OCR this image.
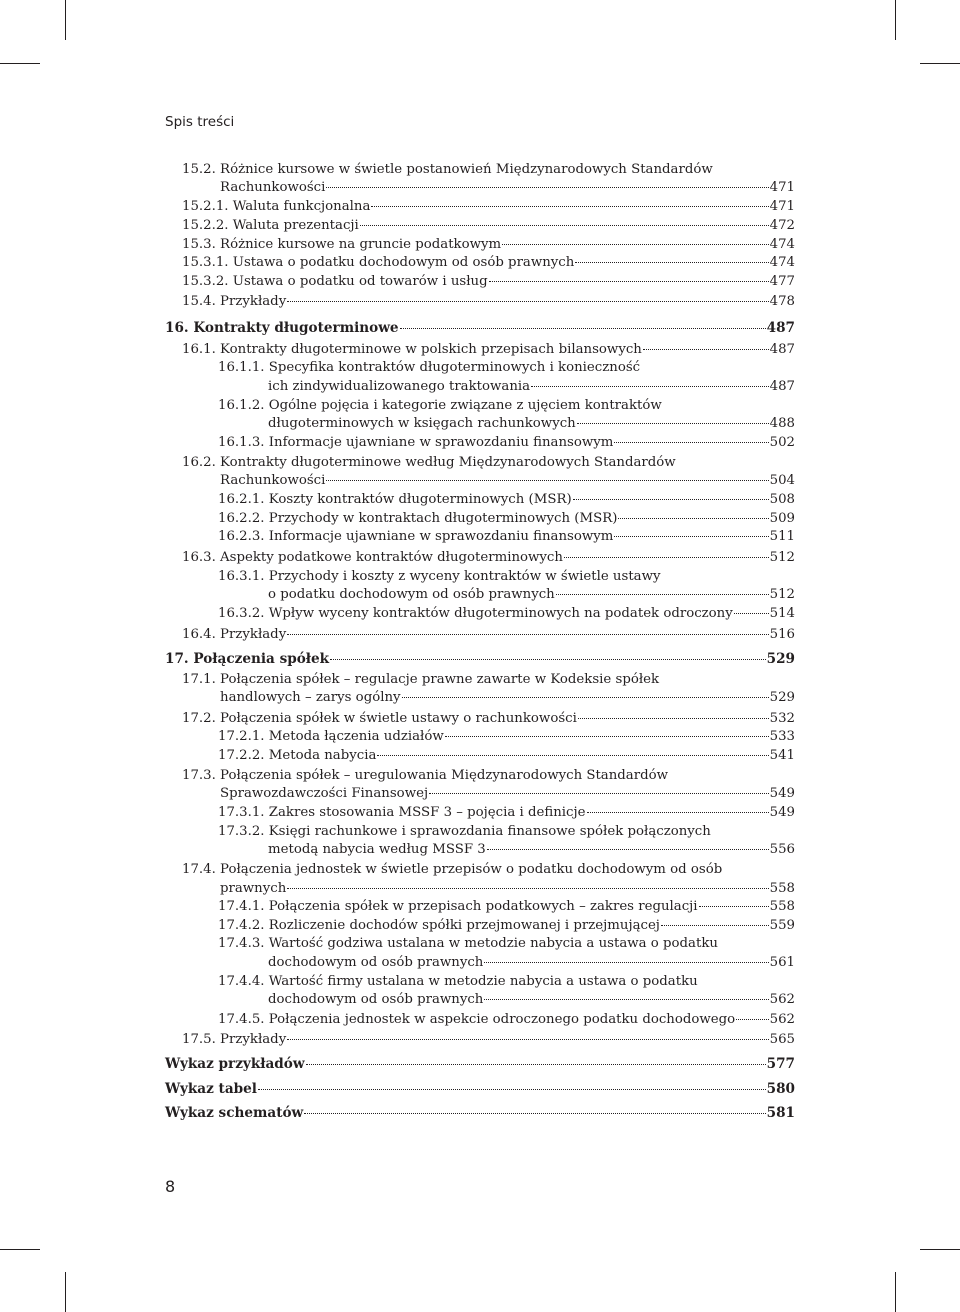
Spis treści
15.2. Różnice kursowe w świetle postanowień Międzynarodowych Standardów
Rachunkowości	471
15.2.1. Waluta funkcjonalna	471
15.2.2. Waluta prezentacji	472
15.3. Różnice kursowe na gruncie podatkowym	474
15.3.1. Ustawa o podatku dochodowym od osób prawnych	474
15.3.2. Ustawa o podatku od towarów i usług	477
15.4. Przykłady	478
16. Kontrakty długoterminowe	487
16.1. Kontrakty długoterminowe w polskich przepisach bilansowych	487
16.1.1. Specyfika kontraktów długoterminowych i konieczność
ich zindywidualizowanego traktowania	487
16.1.2. Ogólne pojęcia i kategorie związane z ujęciem kontraktów
długoterminowych w księgach rachunkowych	488
16.1.3. Informacje ujawniane w sprawozdaniu finansowym	502
16.2. Kontrakty długoterminowe według Międzynarodowych Standardów
Rachunkowości	504
16.2.1. Koszty kontraktów długoterminowych (MSR)	508
16.2.2. Przychody w kontraktach długoterminowych (MSR)	509
16.2.3. Informacje ujawniane w sprawozdaniu finansowym	511
16.3. Aspekty podatkowe kontraktów długoterminowych	512
16.3.1. Przychody i koszty z wyceny kontraktów w świetle ustawy
o podatku dochodowym od osób prawnych	512
16.3.2. Wpływ wyceny kontraktów długoterminowych na podatek odroczony	514
16.4. Przykłady	516
17. Połączenia spółek	529
17.1. Połączenia spółek – regulacje prawne zawarte w Kodeksie spółek
handlowych – zarys ogólny	529
17.2. Połączenia spółek w świetle ustawy o rachunkowości	532
17.2.1. Metoda łączenia udziałów	533
17.2.2. Metoda nabycia	541
17.3. Połączenia spółek – uregulowania Międzynarodowych Standardów
Sprawozdawczości Finansowej	549
17.3.1. Zakres stosowania MSSF 3 – pojęcia i definicje	549
17.3.2. Księgi rachunkowe i sprawozdania finansowe spółek połączonych
metodą nabycia według MSSF 3	556
17.4. Połączenia jednostek w świetle przepisów o podatku dochodowym od osób
prawnych	558
17.4.1. Połączenia spółek w przepisach podatkowych – zakres regulacji	558
17.4.2. Rozliczenie dochodów spółki przejmowanej i przejmującej	559
17.4.3. Wartość godziwa ustalana w metodzie nabycia a ustawa o podatku
dochodowym od osób prawnych	561
17.4.4. Wartość firmy ustalana w metodzie nabycia a ustawa o podatku
dochodowym od osób prawnych	562
17.4.5. Połączenia jednostek w aspekcie odroczonego podatku dochodowego	562
17.5. Przykłady	565
Wykaz przykładów	577
Wykaz tabel	580
Wykaz schematów	581
8
